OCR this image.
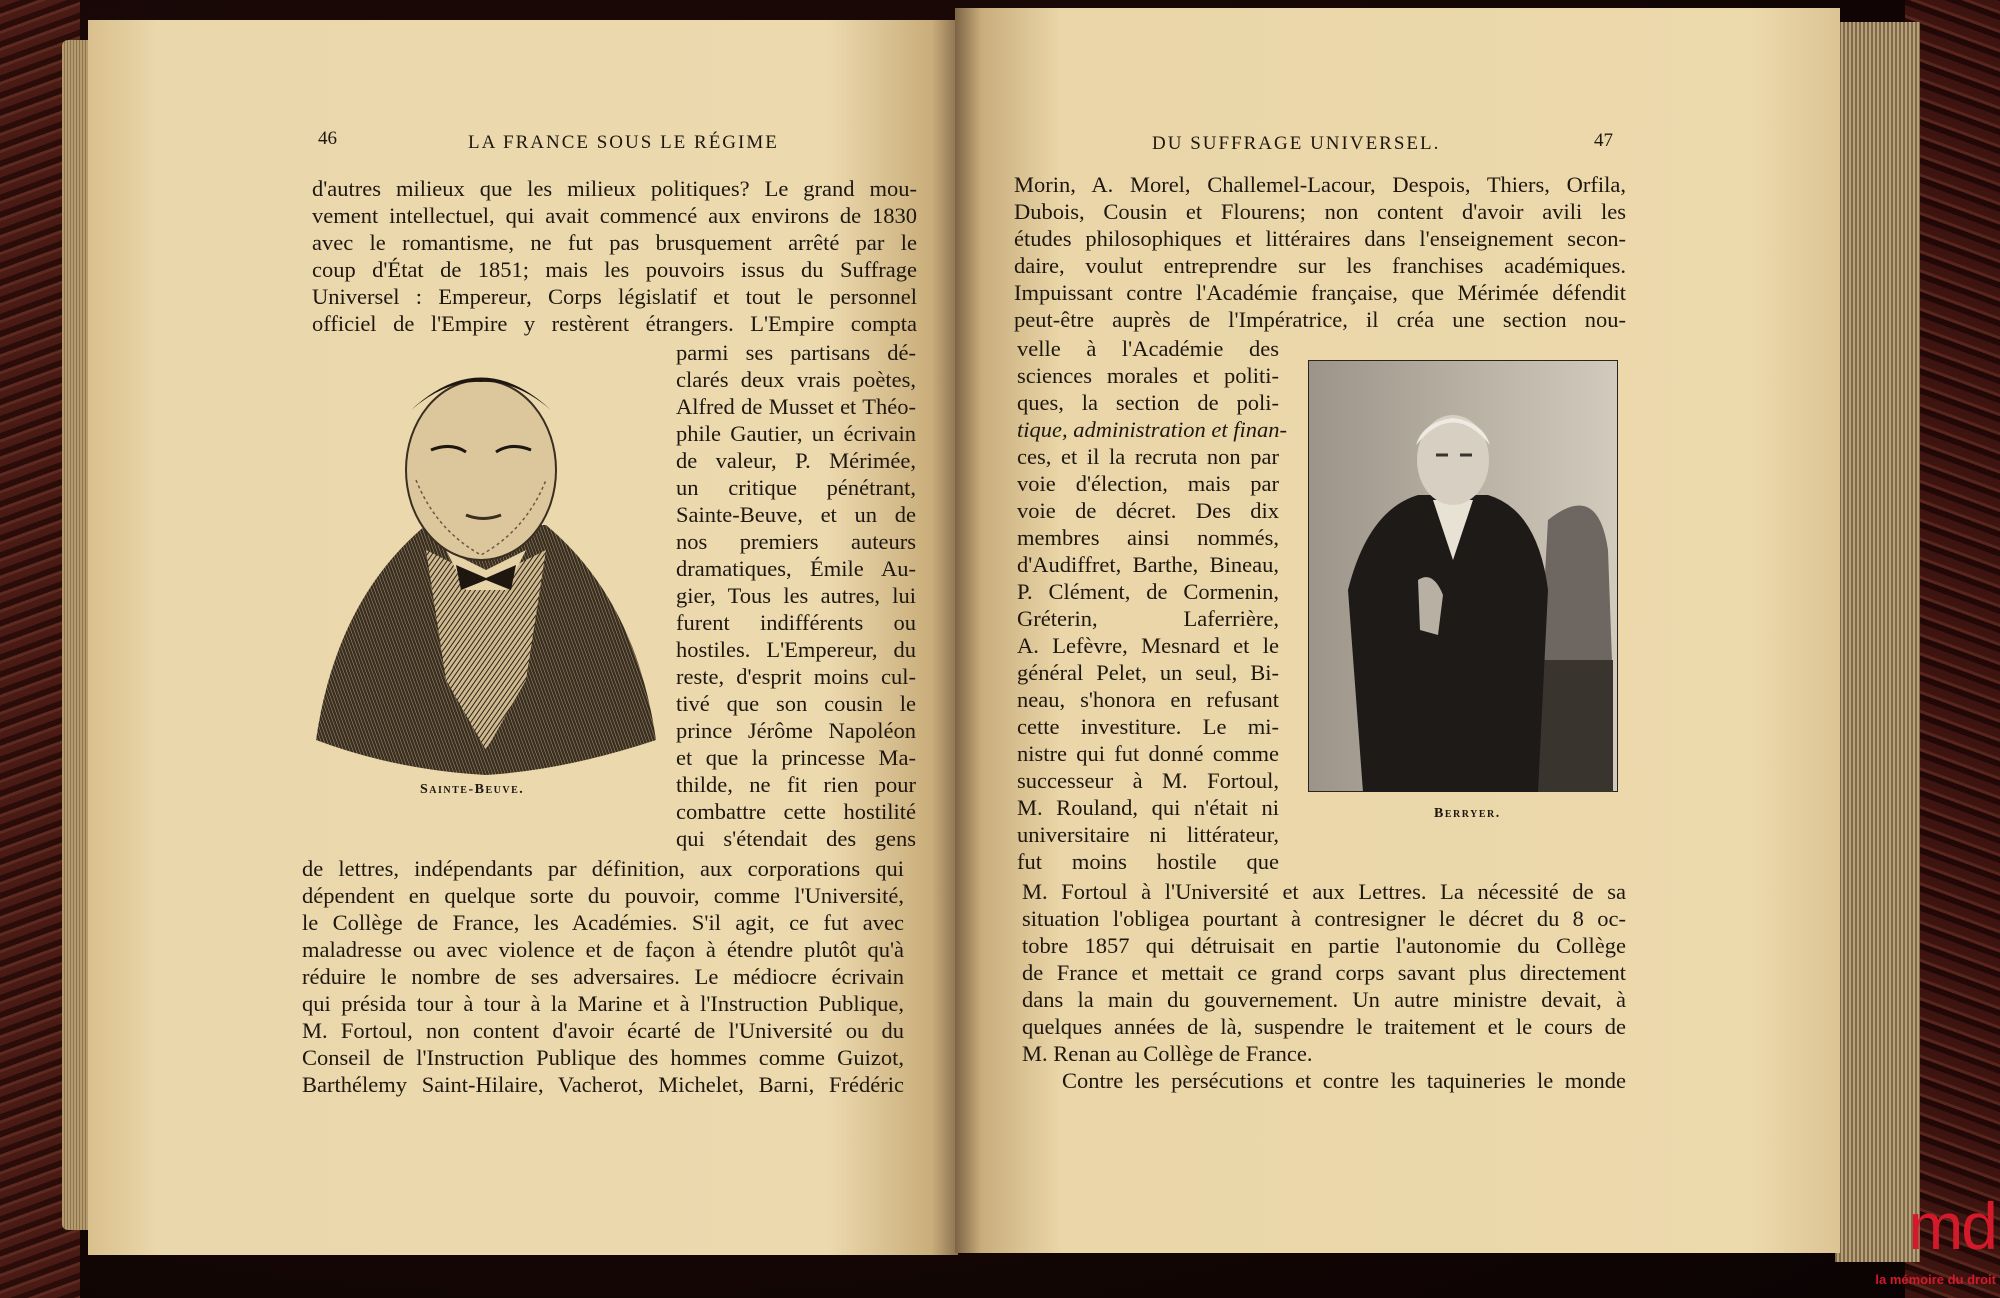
46	LA FRANCE SOUS LE RÉGIME	DU SUFFRAGE UNIVERSEL.	47
Sainte-Beuve.
Berryer.
d'autres milieux que les milieux politiques? Le grand mou-
vement intellectuel, qui avait commencé aux environs de 1830
avec le romantisme, ne fut pas brusquement arrêté par le
coup d'État de 1851; mais les pouvoirs issus du Suffrage
Universel : Empereur, Corps législatif et tout le personnel
officiel de l'Empire y restèrent étrangers. L'Empire compta
parmi ses partisans dé-
clarés deux vrais poètes,
Alfred de Musset et Théo-
phile Gautier, un écrivain
de valeur, P. Mérimée,
un critique pénétrant,
Sainte-Beuve, et un de
nos premiers auteurs
dramatiques, Émile Au-
gier, Tous les autres, lui
furent indifférents ou
hostiles. L'Empereur, du
reste, d'esprit moins cul-
tivé que son cousin le
prince Jérôme Napoléon
et que la princesse Ma-
thilde, ne fit rien pour
combattre cette hostilité
qui s'étendait des gens
de lettres, indépendants par définition, aux corporations qui
dépendent en quelque sorte du pouvoir, comme l'Université,
le Collège de France, les Académies. S'il agit, ce fut avec
maladresse ou avec violence et de façon à étendre plutôt qu'à
réduire le nombre de ses adversaires. Le médiocre écrivain
qui présida tour à tour à la Marine et à l'Instruction Publique,
M. Fortoul, non content d'avoir écarté de l'Université ou du
Conseil de l'Instruction Publique des hommes comme Guizot,
Barthélemy Saint-Hilaire, Vacherot, Michelet, Barni, Frédéric
Morin, A. Morel, Challemel-Lacour, Despois, Thiers, Orfila,
Dubois, Cousin et Flourens; non content d'avoir avili les
études philosophiques et littéraires dans l'enseignement secon-
daire, voulut entreprendre sur les franchises académiques.
Impuissant contre l'Académie française, que Mérimée défendit
peut-être auprès de l'Impératrice, il créa une section nou-
velle à l'Académie des
sciences morales et politi-
ques, la section de poli-
tique, administration et finan-
ces, et il la recruta non par
voie d'élection, mais par
voie de décret. Des dix
membres ainsi nommés,
d'Audiffret, Barthe, Bineau,
P. Clément, de Cormenin,
Gréterin, Laferrière,
A. Lefèvre, Mesnard et le
général Pelet, un seul, Bi-
neau, s'honora en refusant
cette investiture. Le mi-
nistre qui fut donné comme
successeur à M. Fortoul,
M. Rouland, qui n'était ni
universitaire ni littérateur,
fut moins hostile que
M. Fortoul à l'Université et aux Lettres. La nécessité de sa
situation l'obligea pourtant à contresigner le décret du 8 oc-
tobre 1857 qui détruisait en partie l'autonomie du Collège
de France et mettait ce grand corps savant plus directement
dans la main du gouvernement. Un autre ministre devait, à
quelques années de là, suspendre le traitement et le cours de
M. Renan au Collège de France.
Contre les persécutions et contre les taquineries le monde
md
la mémoire du droit
